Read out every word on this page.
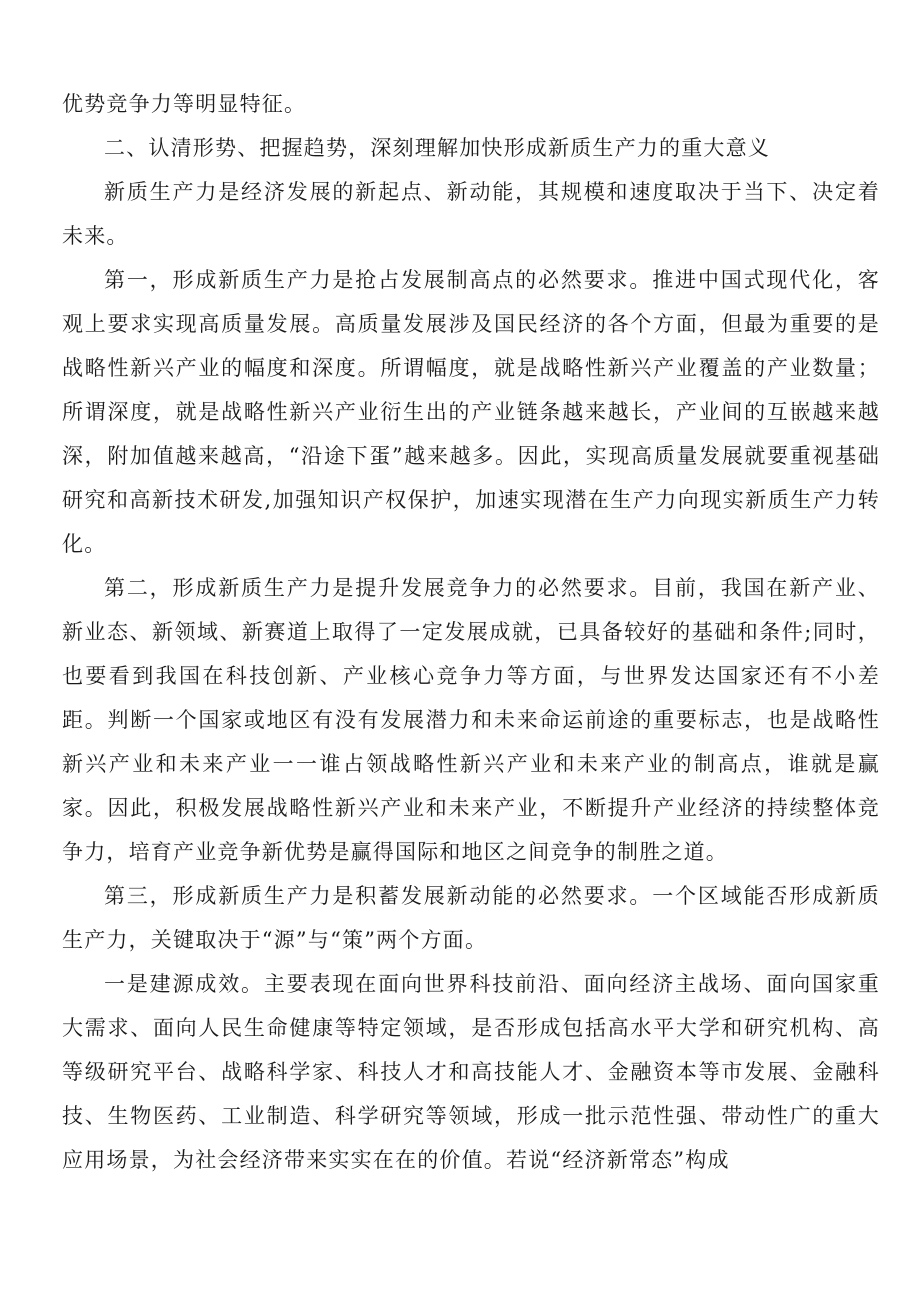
优势竞争力等明显特征。

二、认清形势、把握趋势，深刻理解加快形成新质生产力的重大意义

新质生产力是经济发展的新起点、新动能，其规模和速度取决于当下、决定着未来。

第一，形成新质生产力是抢占发展制高点的必然要求。推进中国式现代化，客观上要求实现高质量发展。高质量发展涉及国民经济的各个方面，但最为重要的是战略性新兴产业的幅度和深度。所谓幅度，就是战略性新兴产业覆盖的产业数量；所谓深度，就是战略性新兴产业衍生出的产业链条越来越长，产业间的互嵌越来越深，附加值越来越高，“沿途下蛋”越来越多。因此，实现高质量发展就要重视基础研究和高新技术研发,加强知识产权保护，加速实现潜在生产力向现实新质生产力转化。

第二，形成新质生产力是提升发展竞争力的必然要求。目前，我国在新产业、新业态、新领域、新赛道上取得了一定发展成就，已具备较好的基础和条件;同时，也要看到我国在科技创新、产业核心竞争力等方面，与世界发达国家还有不小差距。判断一个国家或地区有没有发展潜力和未来命运前途的重要标志，也是战略性新兴产业和未来产业一一谁占领战略性新兴产业和未来产业的制高点，谁就是赢家。因此，积极发展战略性新兴产业和未来产业，不断提升产业经济的持续整体竞争力，培育产业竞争新优势是赢得国际和地区之间竞争的制胜之道。

第三，形成新质生产力是积蓄发展新动能的必然要求。一个区域能否形成新质生产力，关键取决于“源”与“策”两个方面。

一是建源成效。主要表现在面向世界科技前沿、面向经济主战场、面向国家重大需求、面向人民生命健康等特定领域，是否形成包括高水平大学和研究机构、高等级研究平台、战略科学家、科技人才和高技能人才、金融资本等市发展、金融科技、生物医药、工业制造、科学研究等领域，形成一批示范性强、带动性广的重大应用场景，为社会经济带来实实在在的价值。若说“经济新常态”构成
